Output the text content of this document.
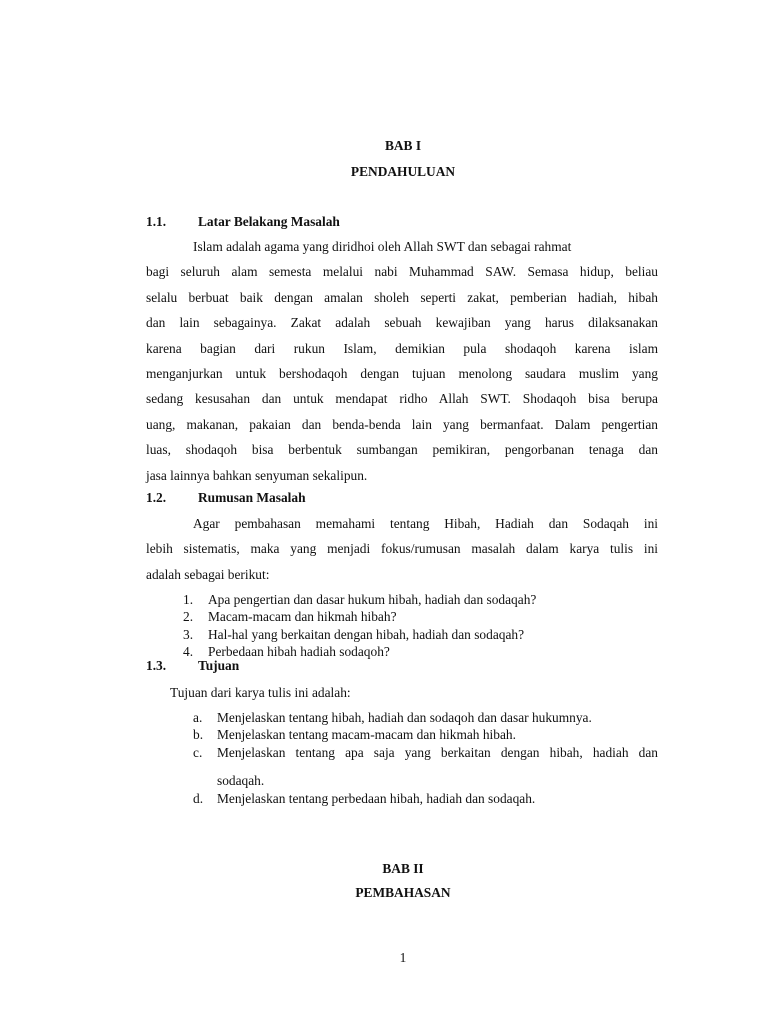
BAB I
PENDAHULUAN
1.1. Latar Belakang Masalah
Islam adalah agama yang diridhoi oleh Allah SWT dan sebagai rahmat
bagi seluruh alam semesta melalui nabi Muhammad SAW. Semasa hidup, beliau
selalu berbuat baik dengan amalan sholeh seperti zakat, pemberian hadiah, hibah
dan lain sebagainya. Zakat adalah sebuah kewajiban yang harus dilaksanakan
karena bagian dari rukun Islam, demikian pula shodaqoh karena islam
menganjurkan untuk bershodaqoh dengan tujuan menolong saudara muslim yang
sedang kesusahan dan untuk mendapat ridho Allah SWT. Shodaqoh bisa berupa
uang, makanan, pakaian dan benda-benda lain yang bermanfaat. Dalam pengertian
luas, shodaqoh bisa berbentuk sumbangan pemikiran, pengorbanan tenaga dan
jasa lainnya bahkan senyuman sekalipun.
1.2. Rumusan Masalah
Agar pembahasan memahami tentang Hibah, Hadiah dan Sodaqah ini
lebih sistematis, maka yang menjadi fokus/rumusan masalah dalam karya tulis ini
adalah sebagai berikut:
1. Apa pengertian dan dasar hukum hibah, hadiah dan sodaqah?
2. Macam-macam dan hikmah hibah?
3. Hal-hal yang berkaitan dengan hibah, hadiah dan sodaqah?
4. Perbedaan hibah hadiah sodaqoh?
1.3. Tujuan
Tujuan dari karya tulis ini adalah:
a. Menjelaskan tentang hibah, hadiah dan sodaqoh dan dasar hukumnya.
b. Menjelaskan tentang macam-macam dan hikmah hibah.
c. Menjelaskan tentang apa saja yang berkaitan dengan hibah, hadiah dan
sodaqah.
d. Menjelaskan tentang perbedaan hibah, hadiah dan sodaqah.
BAB II
PEMBAHASAN
1
